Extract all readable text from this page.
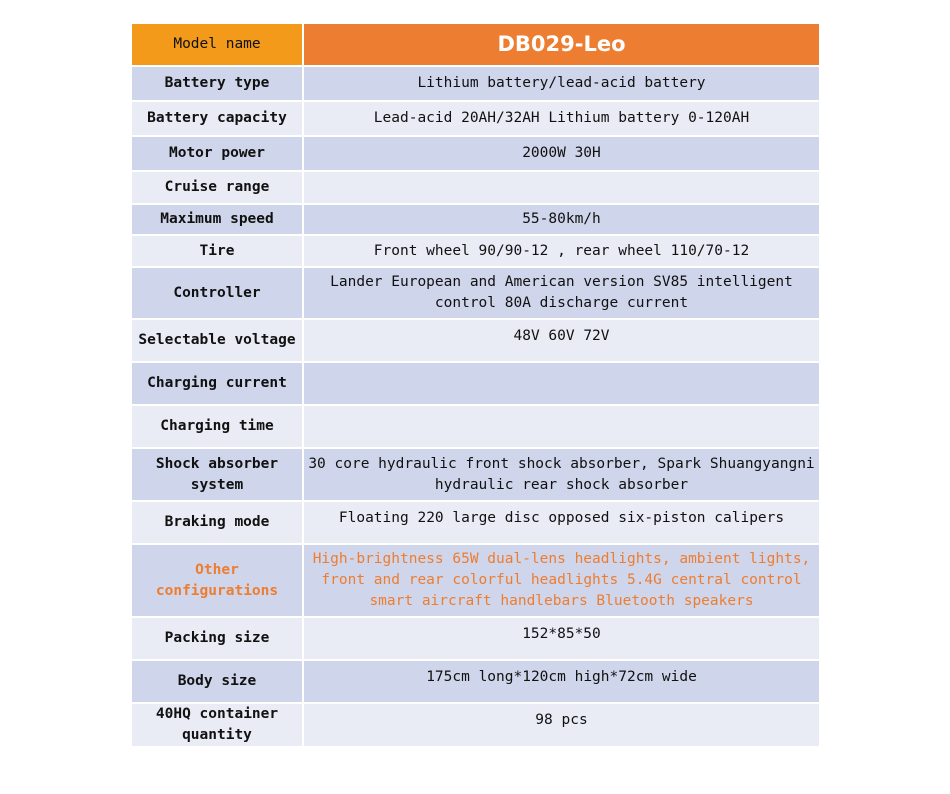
Model name	DB029-Leo
Battery type	Lithium battery/lead-acid battery
Battery capacity	Lead-acid 20AH/32AH Lithium battery 0-120AH
Motor power	2000W 30H
Cruise range	
Maximum speed	55-80km/h
Tire	Front wheel 90/90-12 , rear wheel 110/70-12
Controller	Lander European and American version SV85 intelligent control 80A discharge current
Selectable voltage	48V 60V 72V
Charging current	
Charging time	
Shock absorber system	30 core hydraulic front shock absorber, Spark Shuangyangni hydraulic rear shock absorber
Braking mode	Floating 220 large disc opposed six-piston calipers
Other configurations	High-brightness 65W dual-lens headlights, ambient lights, front and rear colorful headlights 5.4G central control smart aircraft handlebars Bluetooth speakers
Packing size	152*85*50
Body size	175cm long*120cm high*72cm wide
40HQ container quantity	98 pcs
